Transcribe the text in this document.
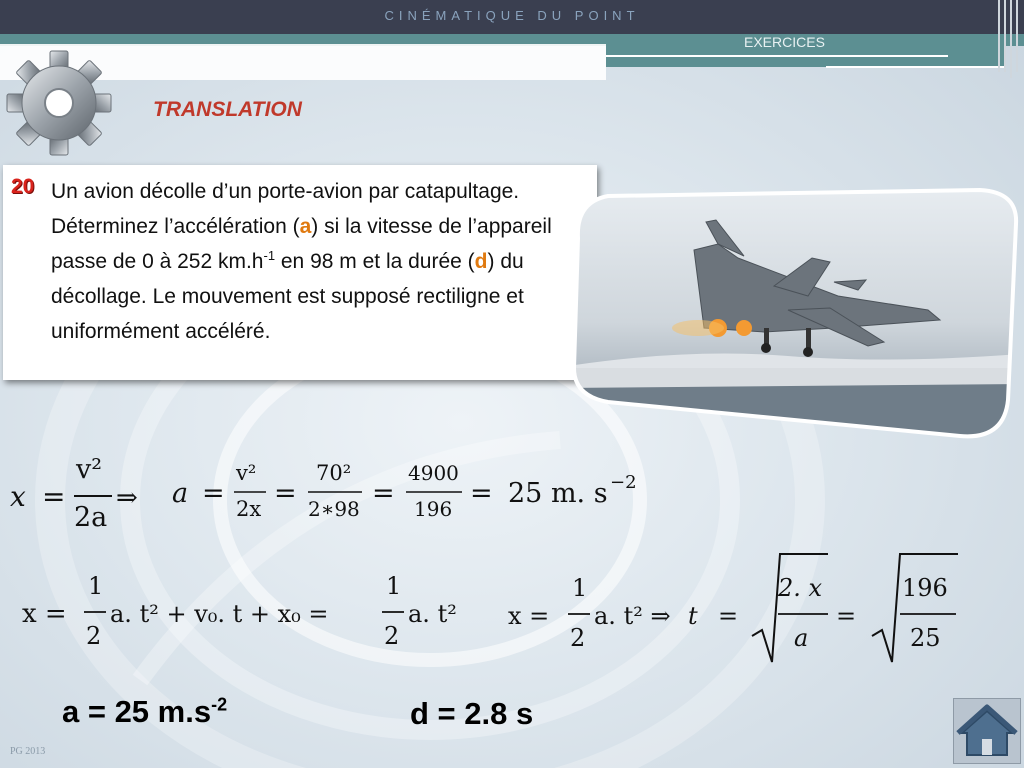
CINÉMATIQUE DU POINT
EXERCICES
TRANSLATION
20 Un avion décolle d’un porte-avion par catapultage. Déterminez l’accélération (a) si la vitesse de l’appareil passe de 0 à 252 $km.h^{-1}$ en 98 m et la durée (d) du décollage. Le mouvement est supposé rectiligne et uniformément accéléré.
x =
v²
2a
⇒ a =
v²
2x =
70²
2∗98 =
4900
196 = 25 m. s −2
x =
1
2
a. t² + v₀. t + x₀ =
1
2
a. t² x =
1
2
a. t² ⇒ t =
2. x
a
=
196
25
a = 25 $m.s^{-2}$	d = 2.8 s
PG 2013
